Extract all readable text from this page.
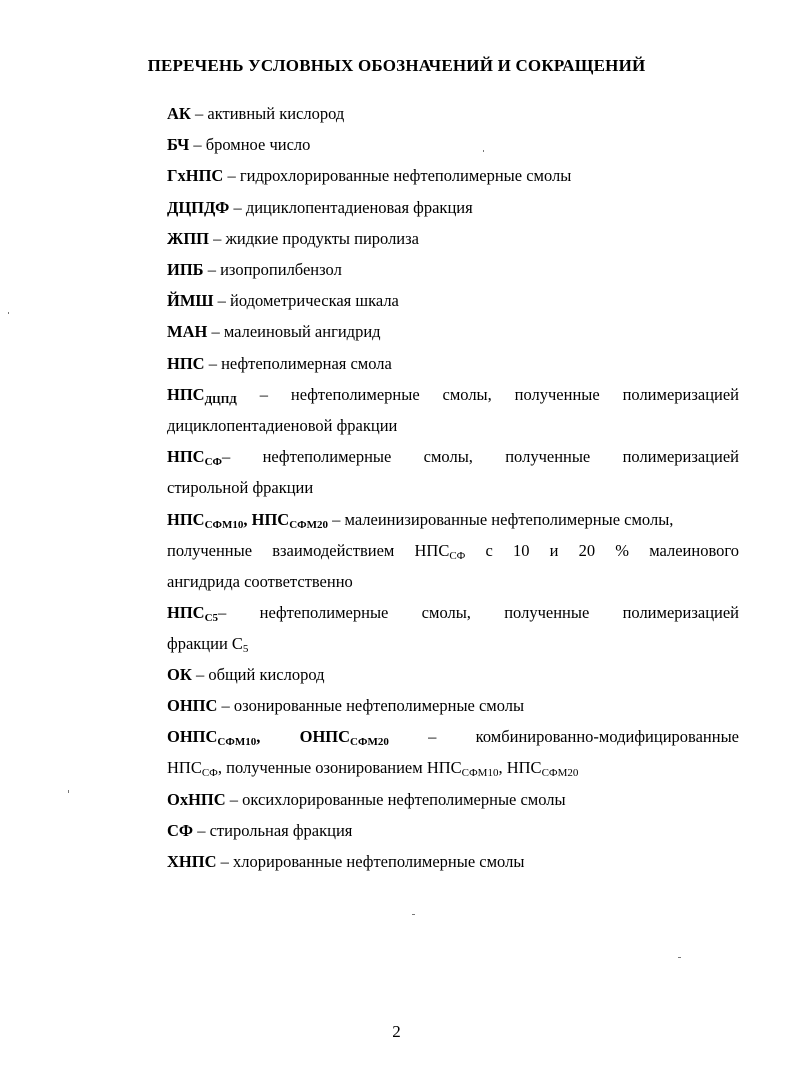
ПЕРЕЧЕНЬ УСЛОВНЫХ ОБОЗНАЧЕНИЙ И СОКРАЩЕНИЙ
АК – активный кислород
БЧ – бромное число
ГхНПС – гидрохлорированные нефтеполимерные смолы
ДЦПДФ – дициклопентадиеновая фракция
ЖПП – жидкие продукты пиролиза
ИПБ – изопропилбензол
ЙМШ – йодометрическая шкала
МАН – малеиновый ангидрид
НПС – нефтеполимерная смола
$НПС_{ДЦПД}$ – нефтеполимерные смолы, полученные полимеризацией
дициклопентадиеновой фракции
$НПС_{СФ}-$ нефтеполимерные смолы, полученные полимеризацией
стирольной фракции
$НПС_{СФМ10}$, $НПС_{СФМ20}$ – малеинизированные нефтеполимерные смолы,
полученные взаимодействием $НПС_{СФ}$ с 10 и 20 % малеинового
ангидрида соответственно
$НПС_{С5}-$ нефтеполимерные смолы, полученные полимеризацией
фракции $С_5$
ОК – общий кислород
ОНПС – озонированные нефтеполимерные смолы
$ОНПС_{СФМ10}$, $ОНПС_{СФМ20}$ – комбинированно-модифицированные
$НПС_{СФ}$, полученные озонированием $НПС_{СФМ10}$, $НПС_{СФМ20}$
ОхНПС – оксихлорированные нефтеполимерные смолы
СФ – стирольная фракция
ХНПС – хлорированные нефтеполимерные смолы
2
